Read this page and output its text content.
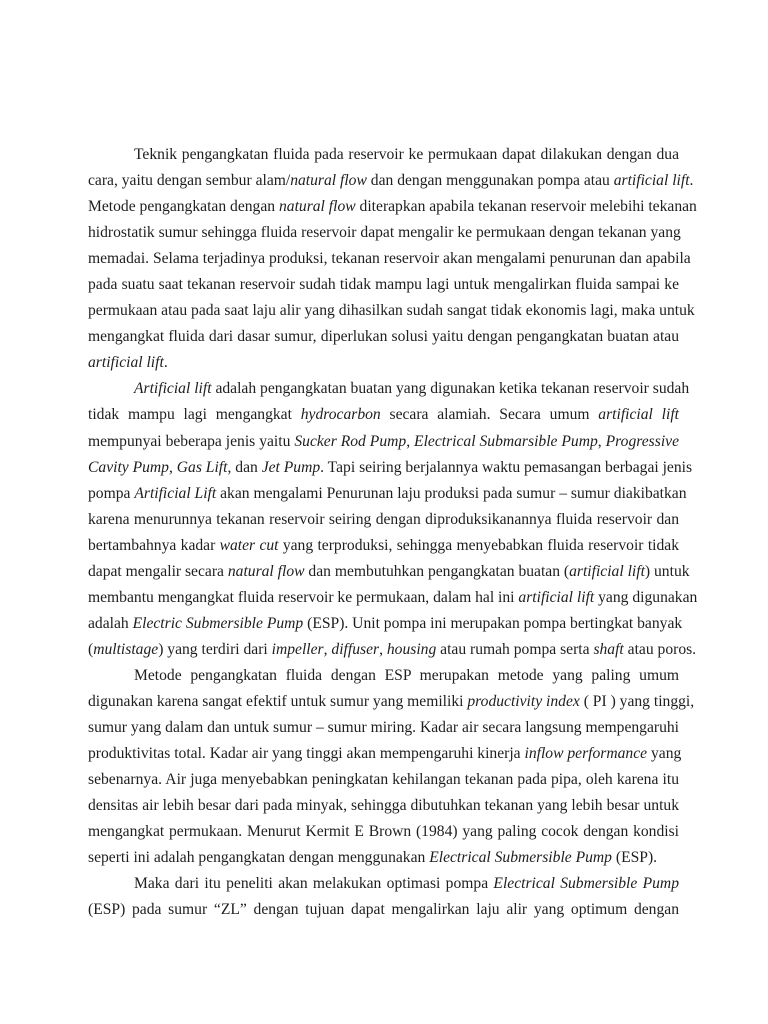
Teknik pengangkatan fluida pada reservoir ke permukaan dapat dilakukan dengan dua
cara, yaitu dengan sembur alam/natural flow dan dengan menggunakan pompa atau artificial lift.
Metode pengangkatan dengan natural flow diterapkan apabila tekanan reservoir melebihi tekanan
hidrostatik sumur sehingga fluida reservoir dapat mengalir ke permukaan dengan tekanan yang
memadai. Selama terjadinya produksi, tekanan reservoir akan mengalami penurunan dan apabila
pada suatu saat tekanan reservoir sudah tidak mampu lagi untuk mengalirkan fluida sampai ke
permukaan atau pada saat laju alir yang dihasilkan sudah sangat tidak ekonomis lagi, maka untuk
mengangkat fluida dari dasar sumur, diperlukan solusi yaitu dengan pengangkatan buatan atau
artificial lift.
Artificial lift adalah pengangkatan buatan yang digunakan ketika tekanan reservoir sudah
tidak mampu lagi mengangkat hydrocarbon secara alamiah. Secara umum artificial lift
mempunyai beberapa jenis yaitu Sucker Rod Pump, Electrical Submarsible Pump, Progressive
Cavity Pump, Gas Lift, dan Jet Pump. Tapi seiring berjalannya waktu pemasangan berbagai jenis
pompa Artificial Lift akan mengalami Penurunan laju produksi pada sumur – sumur diakibatkan
karena menurunnya tekanan reservoir seiring dengan diproduksikanannya fluida reservoir dan
bertambahnya kadar water cut yang terproduksi, sehingga menyebabkan fluida reservoir tidak
dapat mengalir secara natural flow dan membutuhkan pengangkatan buatan (artificial lift) untuk
membantu mengangkat fluida reservoir ke permukaan, dalam hal ini artificial lift yang digunakan
adalah Electric Submersible Pump (ESP). Unit pompa ini merupakan pompa bertingkat banyak
(multistage) yang terdiri dari impeller, diffuser, housing atau rumah pompa serta shaft atau poros.
Metode pengangkatan fluida dengan ESP merupakan metode yang paling umum
digunakan karena sangat efektif untuk sumur yang memiliki productivity index ( PI ) yang tinggi,
sumur yang dalam dan untuk sumur – sumur miring. Kadar air secara langsung mempengaruhi
produktivitas total. Kadar air yang tinggi akan mempengaruhi kinerja inflow performance yang
sebenarnya. Air juga menyebabkan peningkatan kehilangan tekanan pada pipa, oleh karena itu
densitas air lebih besar dari pada minyak, sehingga dibutuhkan tekanan yang lebih besar untuk
mengangkat permukaan. Menurut Kermit E Brown (1984) yang paling cocok dengan kondisi
seperti ini adalah pengangkatan dengan menggunakan Electrical Submersible Pump (ESP).
Maka dari itu peneliti akan melakukan optimasi pompa Electrical Submersible Pump
(ESP) pada sumur “ZL” dengan tujuan dapat mengalirkan laju alir yang optimum dengan
